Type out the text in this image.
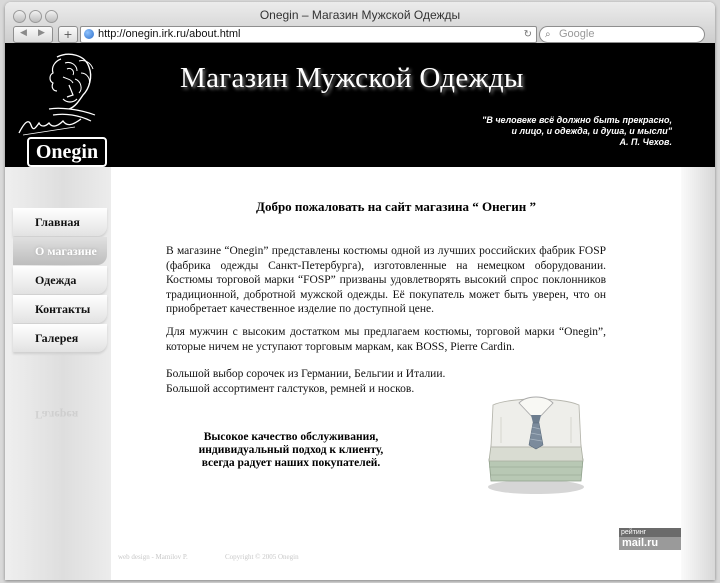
Onegin – Магазин Мужской Одежды
◀ ▶	+	http://onegin.irk.ru/about.html	↻ ⌕ Google
Onegin
Магазин Мужской Одежды
"В человеке всё должно быть прекрасно,
и лицо, и одежда, и душа, и мысли"
А. П. Чехов.
Главная
О магазине
Одежда
Контакты
Галерея
Галерея
Добро пожаловать на сайт магазина “ Онегин ”
В магазине “Onegin” представлены костюмы одной из лучших российских фабрик FOSP (фабрика одежды Санкт-Петербурга), изготовленные на немецком оборудовании. Костюмы торговой марки “FOSP” призваны удовлетворять высокий спрос поклонников традиционной, добротной мужской одежды. Её покупатель может быть уверен, что он приобретает качественное изделие по доступной цене.
Для мужчин с высоким достатком мы предлагаем костюмы, торговой марки “Onegin”, которые ничем не уступают торговым маркам, как BOSS, Pierre Cardin.
Большой выбор сорочек из Германии, Бельгии и Италии.
Большой ассортимент галстуков, ремней и носков.
Высокое качество обслуживания,
индивидуальный подход к клиенту,
всегда радует наших покупателей.
рейтинг
mail.ru
web design - Mamilov P.	Copyright © 2005 Onegin
